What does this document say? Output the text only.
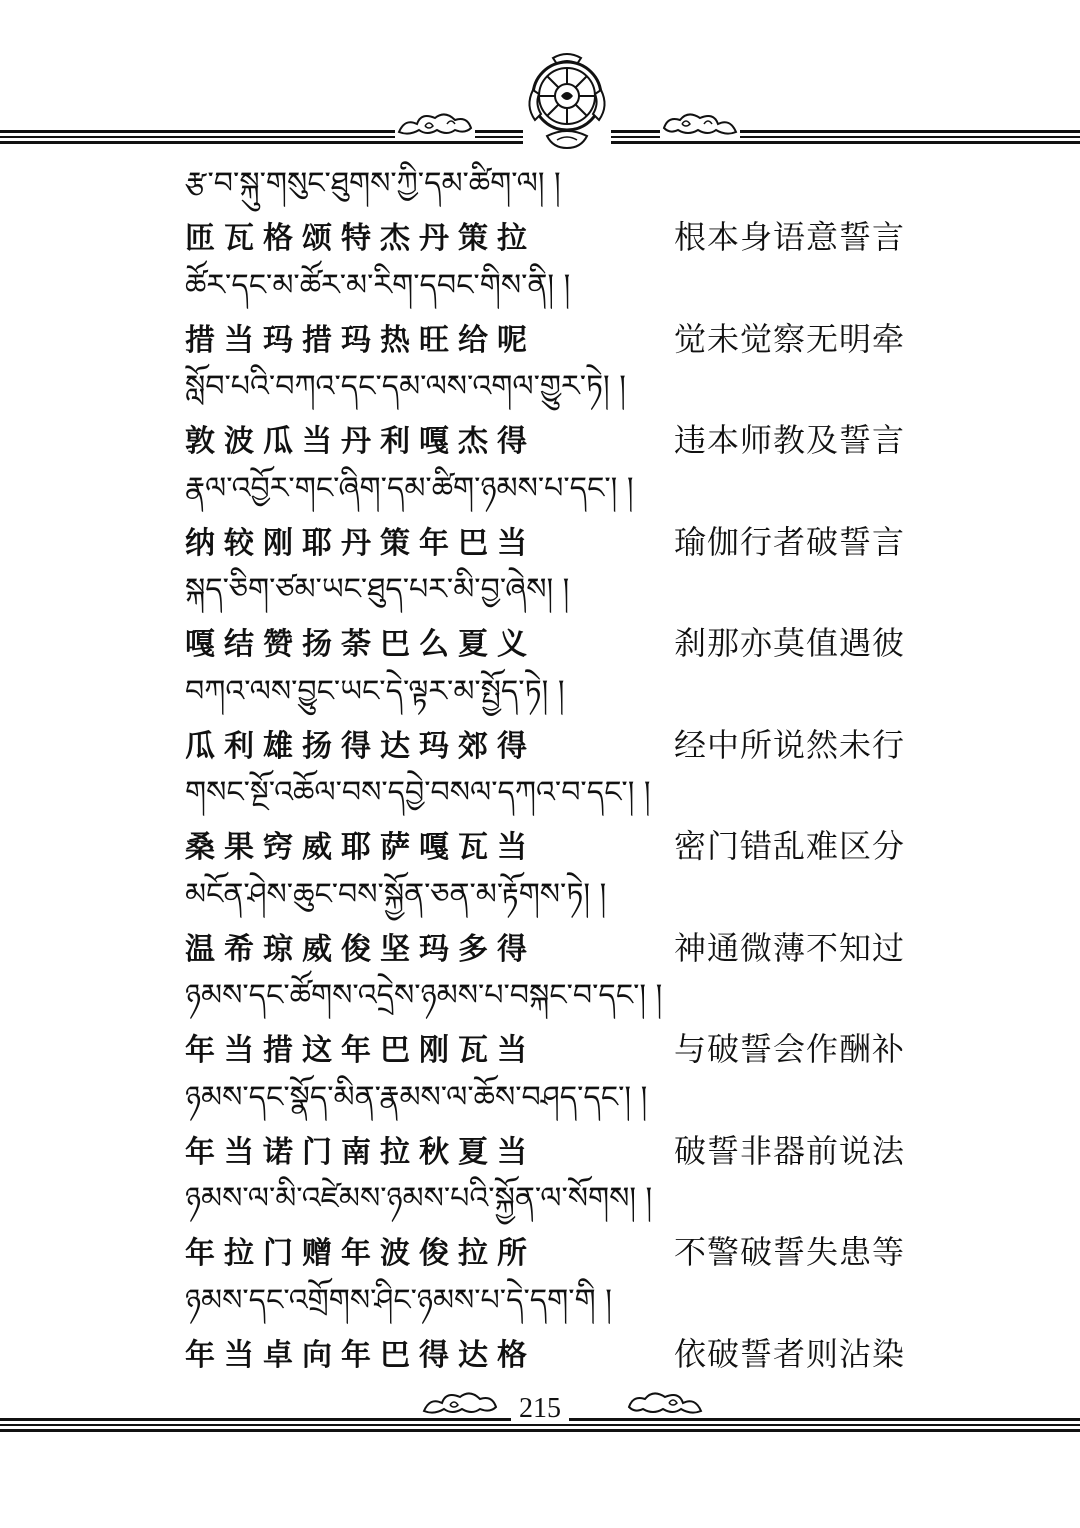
རྩ་བ་སྐུ་གསུང་ཐུགས་ཀྱི་དམ་ཚིག་ལ། །
匝瓦格颂特杰丹策拉	根本身语意誓言
ཚོར་དང་མ་ཚོར་མ་རིག་དབང་གིས་ནི། །
措当玛措玛热旺给呢	觉未觉察无明牵
སློབ་པའི་བཀའ་དང་དམ་ལས་འགལ་གྱུར་ཏེ། །
敦波瓜当丹利嘎杰得	违本师教及誓言
རྣལ་འབྱོར་གང་ཞིག་དམ་ཚིག་ཉམས་པ་དང་། །
纳较刚耶丹策年巴当	瑜伽行者破誓言
སྐད་ཅིག་ཙམ་ཡང་ཐུད་པར་མི་བྱ་ཞེས། །
嘎结赞扬荼巴么夏义	刹那亦莫值遇彼
བཀའ་ལས་བྱུང་ཡང་དེ་ལྟར་མ་སྤྱོད་ཏེ། །
瓜利雄扬得达玛郊得	经中所说然未行
གསང་སྔོ་འཆོལ་བས་དབྱེ་བསལ་དཀའ་བ་དང་། །
桑果窍威耶萨嘎瓦当	密门错乱难区分
མངོན་ཤེས་ཆུང་བས་སྐྱོན་ཅན་མ་རྟོགས་ཏེ། །
温希琼威俊坚玛多得	神通微薄不知过
ཉམས་དང་ཚོགས་འདྲེས་ཉམས་པ་བསྐང་བ་དང་། །
年当措这年巴刚瓦当	与破誓会作酬补
ཉམས་དང་སྣོད་མིན་རྣམས་ལ་ཆོས་བཤད་དང་། །
年当诺门南拉秋夏当	破誓非器前说法
ཉམས་ལ་མི་འཛེམས་ཉམས་པའི་སྐྱོན་ལ་སོགས། །
年拉门赠年波俊拉所	不警破誓失患等
ཉམས་དང་འགྲོགས་ཤིང་ཉམས་པ་དེ་དག་གི །
年当卓向年巴得达格	依破誓者则沾染
215
